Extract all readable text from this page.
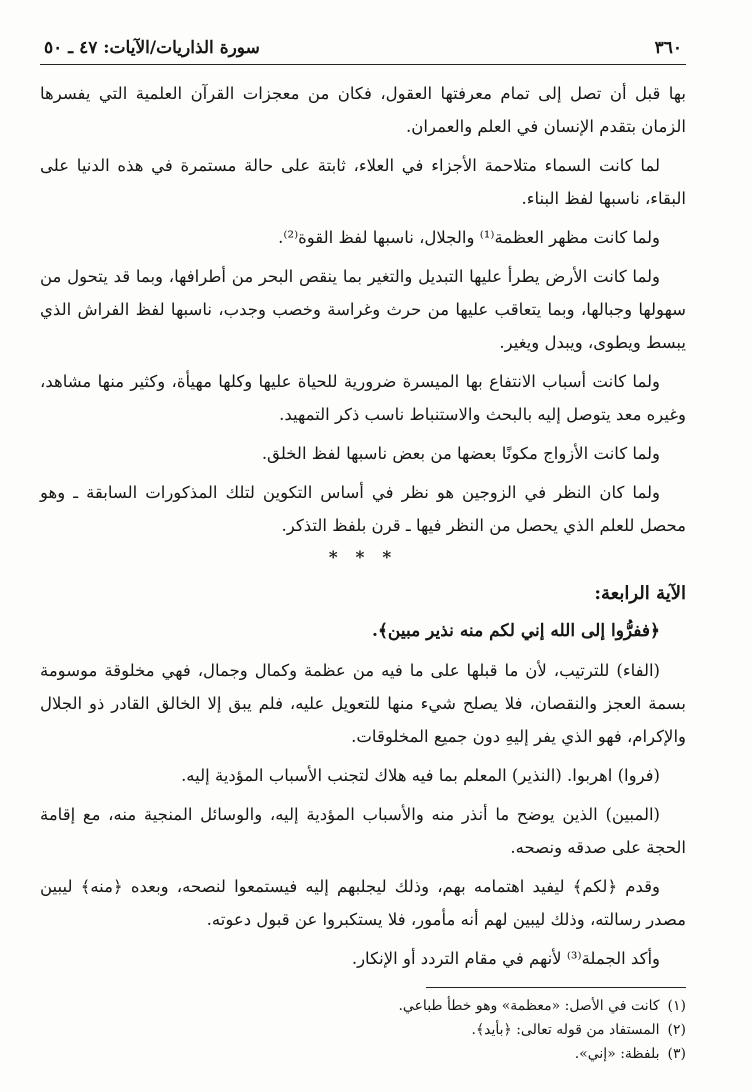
٣٦٠
سورة الذاريات/الآيات: ٤٧ ـ ٥٠

بها قبل أن تصل إلى تمام معرفتها العقول، فكان من معجزات القرآن العلمية التي يفسرها الزمان بتقدم الإنسان في العلم والعمران.

لما كانت السماء متلاحمة الأجزاء في العلاء، ثابتة على حالة مستمرة في هذه الدنيا على البقاء، ناسبها لفظ البناء.

ولما كانت مظهر العظمة⁽¹⁾ والجلال، ناسبها لفظ القوة⁽²⁾.

ولما كانت الأرض يطرأ عليها التبديل والتغير بما ينقص البحر من أطرافها، وبما قد يتحول من سهولها وجبالها، وبما يتعاقب عليها من حرث وغراسة وخصب وجدب، ناسبها لفظ الفراش الذي يبسط ويطوى، ويبدل ويغير.

ولما كانت أسباب الانتفاع بها الميسرة ضرورية للحياة عليها وكلها مهيأة، وكثير منها مشاهد، وغيره معد يتوصل إليه بالبحث والاستنباط ناسب ذكر التمهيد.

ولما كانت الأزواج مكونًا بعضها من بعض ناسبها لفظ الخلق.

ولما كان النظر في الزوجين هو نظر في أساس التكوين لتلك المذكورات السابقة ـ وهو محصل للعلم الذي يحصل من النظر فيها ـ قرن بلفظ التذكر.

* * *
الآية الرابعة:
﴿ففرُّوا إلى الله إني لكم منه نذير مبين﴾.

(الفاء) للترتيب، لأن ما قبلها على ما فيه من عظمة وكمال وجمال، فهي مخلوقة موسومة بسمة العجز والنقصان، فلا يصلح شيء منها للتعويل عليه، فلم يبق إلا الخالق القادر ذو الجلال والإكرام، فهو الذي يفر إليهِ دون جميع المخلوقات.

(فروا) اهربوا. (النذير) المعلم بما فيه هلاك لتجنب الأسباب المؤدية إليه.

(المبين) الذين يوضح ما أنذر منه والأسباب المؤدية إليه، والوسائل المنجية منه، مع إقامة الحجة على صدقه ونصحه.

وقدم ﴿لكم﴾ ليفيد اهتمامه بهم، وذلك ليجلبهم إليه فيستمعوا لنصحه، وبعده ﴿منه﴾ ليبين مصدر رسالته، وذلك ليبين لهم أنه مأمور، فلا يستكبروا عن قبول دعوته.

وأكد الجملة⁽³⁾ لأنهم في مقام التردد أو الإنكار.

(١)
كانت في الأصل: «معظمة» وهو خطأ طباعي.
(٢)
المستفاد من قوله تعالى: ﴿بأيد﴾.
(٣)
بلفظة: «إني».
